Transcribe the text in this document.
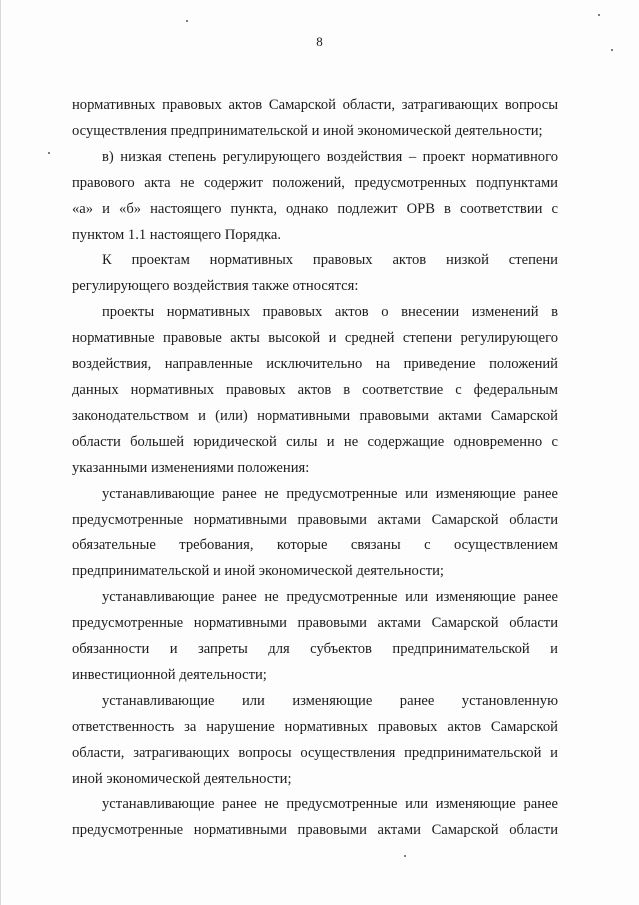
8

нормативных правовых актов Самарской области, затрагивающих вопросы

осуществления предпринимательской и иной экономической деятельности;

в) низкая степень регулирующего воздействия – проект нормативного

правового акта не содержит положений, предусмотренных подпунктами

«а» и «б» настоящего пункта, однако подлежит ОРВ в соответствии с

пунктом 1.1 настоящего Порядка.

К проектам нормативных правовых актов низкой степени

регулирующего воздействия также относятся:

проекты нормативных правовых актов о внесении изменений в

нормативные правовые акты высокой и средней степени регулирующего

воздействия, направленные исключительно на приведение положений

данных нормативных правовых актов в соответствие с федеральным

законодательством и (или) нормативными правовыми актами Самарской

области большей юридической силы и не содержащие одновременно с

указанными изменениями положения:

устанавливающие ранее не предусмотренные или изменяющие ранее

предусмотренные нормативными правовыми актами Самарской области

обязательные требования, которые связаны с осуществлением

предпринимательской и иной экономической деятельности;

устанавливающие ранее не предусмотренные или изменяющие ранее

предусмотренные нормативными правовыми актами Самарской области

обязанности и запреты для субъектов предпринимательской и

инвестиционной деятельности;

устанавливающие или изменяющие ранее установленную

ответственность за нарушение нормативных правовых актов Самарской

области, затрагивающих вопросы осуществления предпринимательской и

иной экономической деятельности;

устанавливающие ранее не предусмотренные или изменяющие ранее

предусмотренные нормативными правовыми актами Самарской области
